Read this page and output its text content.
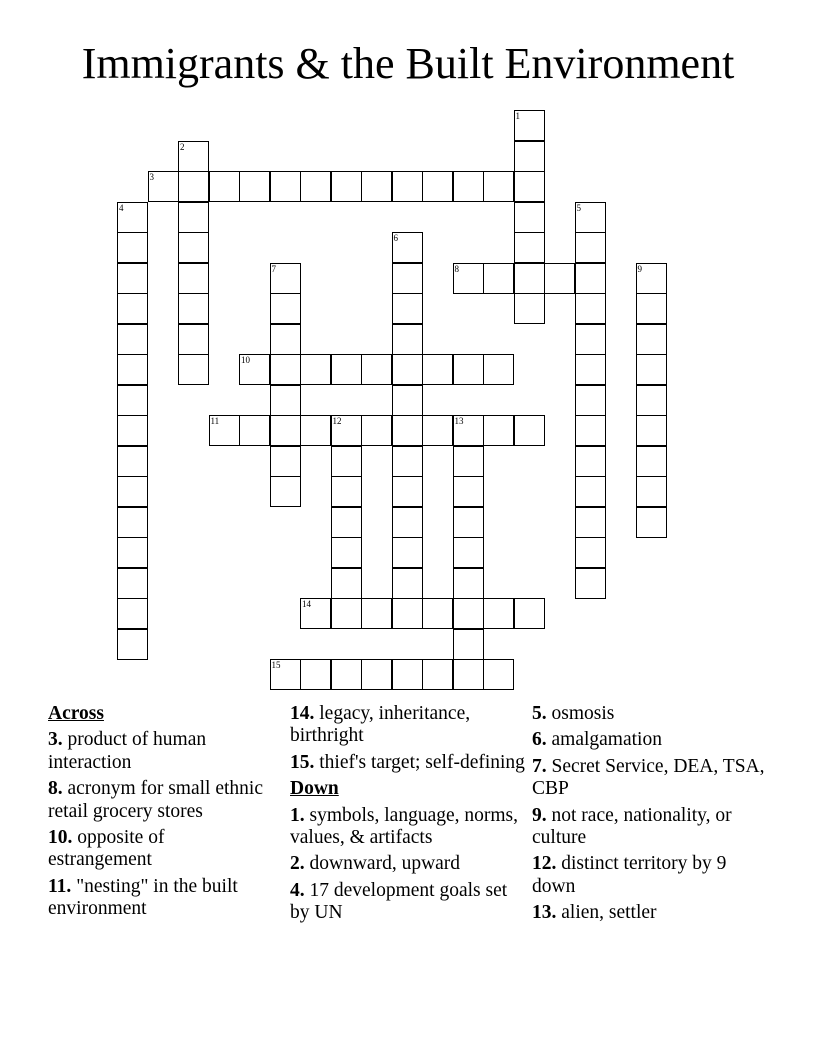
Immigrants & the Built Environment
1
2
3
4	5
6
7	8	9
10
11	12	13
14
15
Across
3. product of human interaction
8. acronym for small ethnic retail grocery stores
10. opposite of estrangement
11. "nesting" in the built environment
14. legacy, inheritance, birthright
15. thief's target; self-defining
Down
1. symbols, language, norms, values, & artifacts
2. downward, upward
4. 17 development goals set by UN
5. osmosis
6. amalgamation
7. Secret Service, DEA, TSA, CBP
9. not race, nationality, or culture
12. distinct territory by 9 down
13. alien, settler
